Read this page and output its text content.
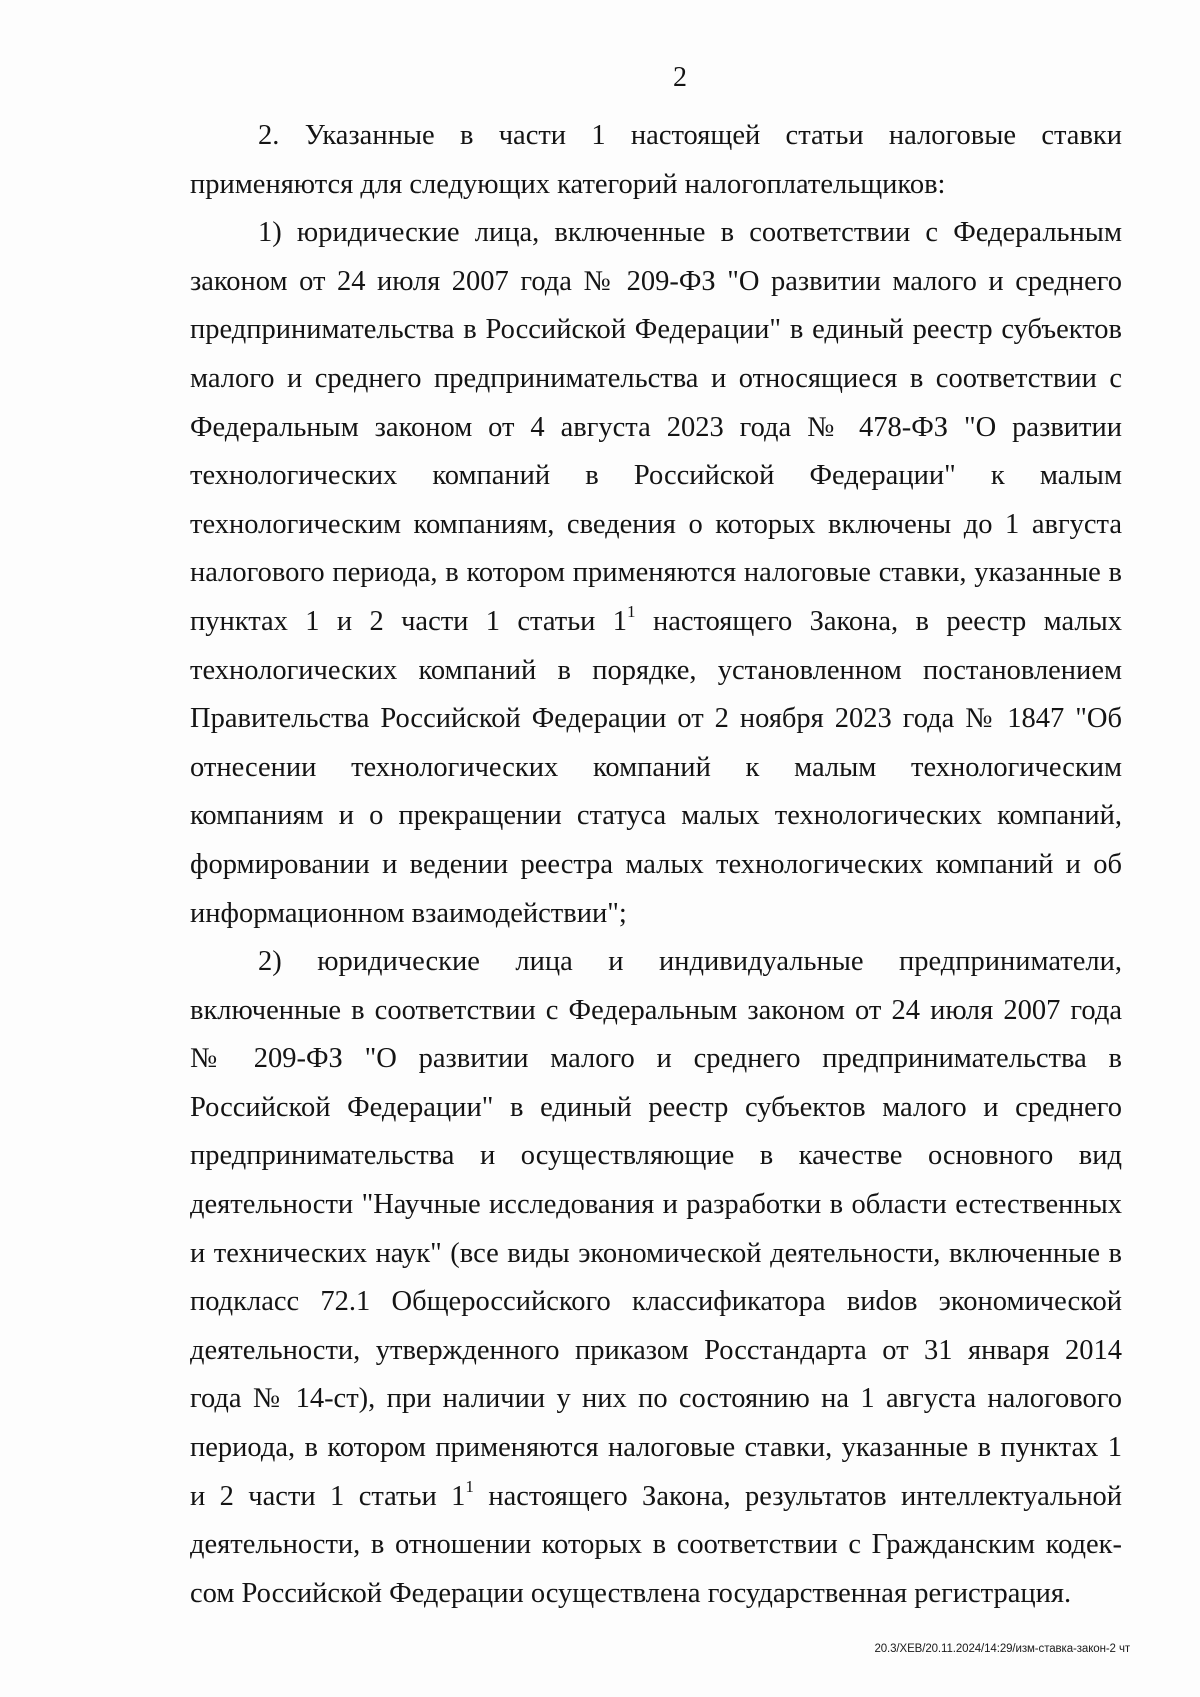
2

2. Указанные в части 1 настоящей статьи налоговые ставки применяются для следующих категорий налогоплательщиков:

1) юридические лица, включенные в соответствии с Федеральным законом от 24 июля 2007 года № 209-ФЗ "О развитии малого и среднего предпринимательства в Российской Федерации" в единый реестр субъектов малого и среднего предпринимательства и относящиеся в соответствии с Федеральным законом от 4 августа 2023 года № 478-ФЗ "О развитии технологических компаний в Российской Федерации" к малым технологическим компаниям, сведения о которых включены до 1 августа налогового периода, в котором применяются налоговые ставки, указанные в пунктах 1 и 2 части 1 статьи $1^1$ настоящего Закона, в реестр малых технологических компаний в порядке, установленном постановлением Правительства Российской Федерации от 2 ноября 2023 года № 1847 "Об отнесении технологических компаний к малым технологическим компаниям и о прекращении статуса малых технологических компаний, формировании и ведении реестра малых технологических компаний и об информационном взаимодействии";

2) юридические лица и индивидуальные предприниматели, включенные в соответствии с Федеральным законом от 24 июля 2007 года № 209-ФЗ "О развитии малого и среднего предпринимательства в Российской Федерации" в единый реестр субъектов малого и среднего предпринимательства и осуществляющие в качестве основного вид деятельности "Научные исследования и разработки в области естественных и технических наук" (все виды экономической деятельности, включенные в подкласс 72.1 Общероссийского классификатора виdов экономической деятельности, утвержденного приказом Росстандарта от 31 января 2014 года № 14-ст), при наличии у них по состоянию на 1 августа налогового периода, в котором применяются налоговые ставки, указанные в пунктах 1 и 2 части 1 статьи $1^1$ настоящего Закона, результатов интеллектуальной деятельности, в отношении которых в соответствии с Гражданским кодексом Российской Федерации осуществлена государственная регистрация.

20.3/ХЕВ/20.11.2024/14:29/изм-ставка-закон-2 чт
